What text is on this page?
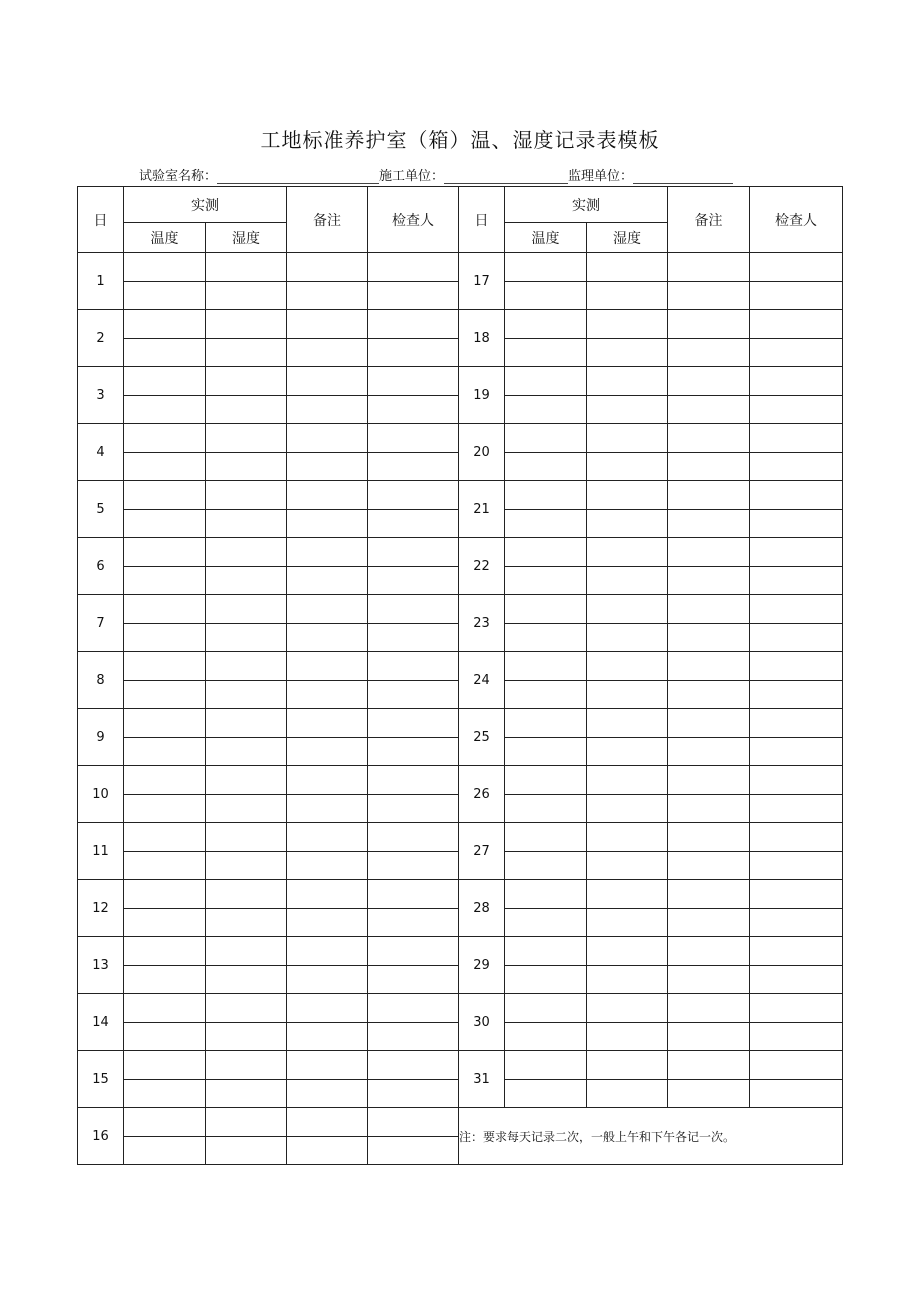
工地标准养护室（箱）温、湿度记录表模板
试验室名称：	施工单位：	监理单位：
日	实测		备注	检查人	日	实测		备注	检查人
	温度	湿度				温度	湿度		
1					17				

2					18				

3					19				

4					20				

5					21				

6					22				

7					23				

8					24				

9					25				

10					26				

11					27				

12					28				

13					29				

14					30				

15					31				

16					注：要求每天记录二次，一般上午和下午各记一次。				
